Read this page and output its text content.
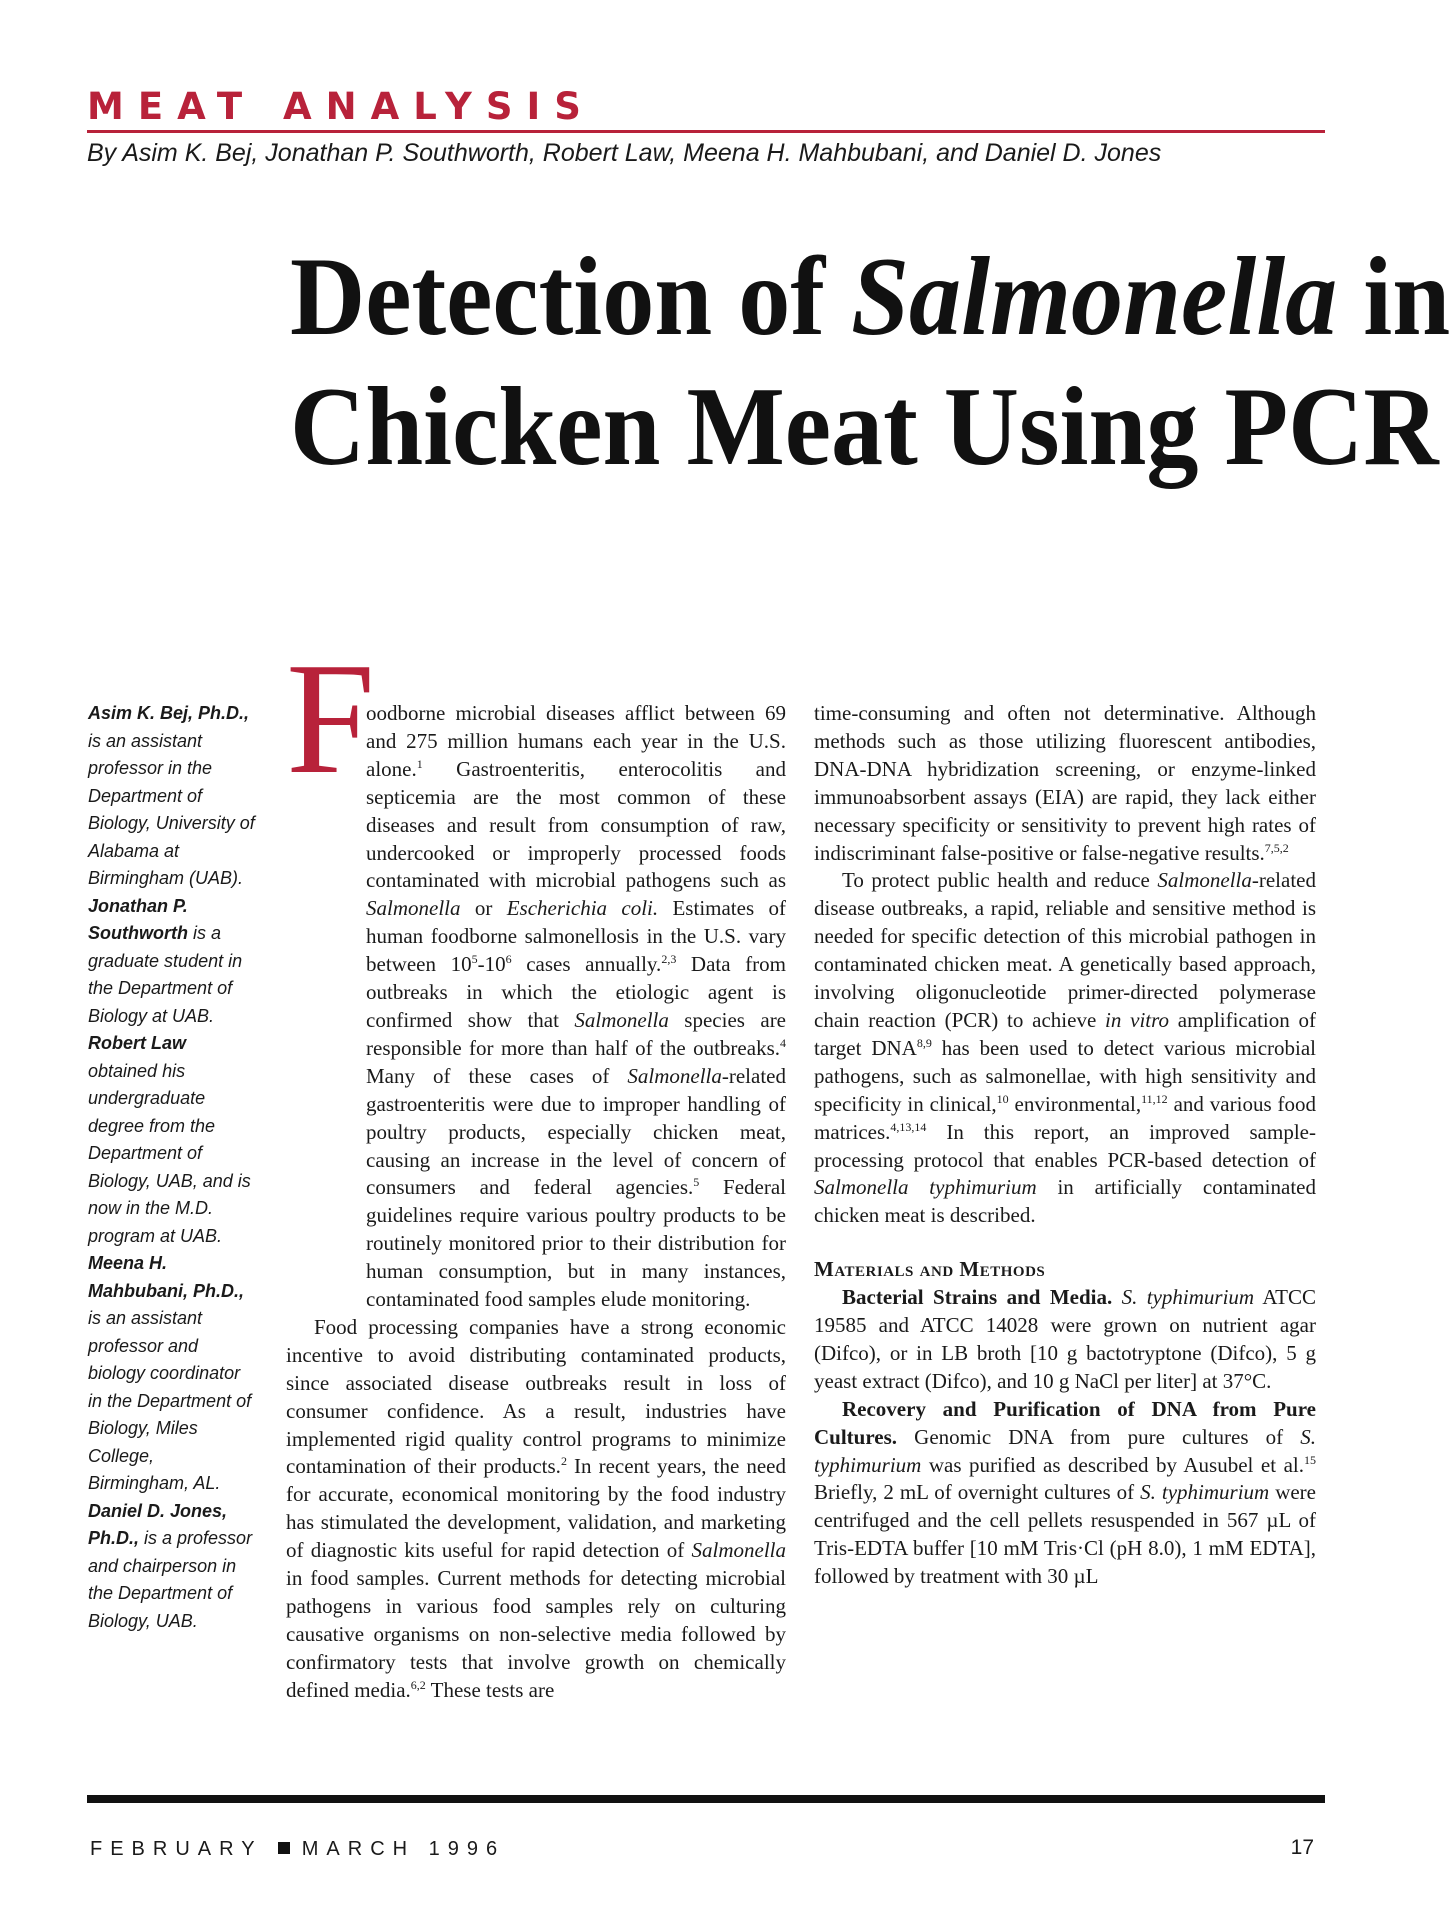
MEAT ANALYSIS

By Asim K. Bej, Jonathan P. Southworth, Robert Law, Meena H. Mahbubani, and Daniel D. Jones

Detection of Salmonella in
Chicken Meat Using PCR

Asim K. Bej, Ph.D., is an assistant professor in the Department of Biology, University of Alabama at Birmingham (UAB).

Jonathan P. Southworth is a graduate student in the Department of Biology at UAB.

Robert Law obtained his undergraduate degree from the Department of Biology, UAB, and is now in the M.D. program at UAB.

Meena H. Mahbubani, Ph.D., is an assistant professor and biology coordinator in the Department of Biology, Miles College, Birmingham, AL.

Daniel D. Jones, Ph.D., is a professor and chairperson in the Department of Biology, UAB.

F

oodborne microbial diseases afflict between 69 and 275 million humans each year in the U.S. alone.$^1$ Gastroenteritis, enterocolitis and septicemia are the most common of these diseases and result from consumption of raw, undercooked or improperly processed foods contaminated with microbial pathogens such as Salmonella or Escherichia coli. Estimates of human foodborne salmonellosis in the U.S. vary between $10^5-10^6$ cases annually.$^{2,3}$ Data from outbreaks in which the etiologic agent is confirmed show that Salmonella species are responsible for more than half of the outbreaks.$^4$ Many of these cases of Salmonella-related gastroenteritis were due to improper handling of poultry products, especially chicken meat, causing an increase in the level of concern of consumers and federal agencies.$^5$ Federal guidelines require various poultry products to be routinely monitored prior to their distribution for human consumption, but in many instances, contaminated food samples elude monitoring.

Food processing companies have a strong economic incentive to avoid distributing contaminated products, since associated disease outbreaks result in loss of consumer confidence. As a result, industries have implemented rigid quality control programs to minimize contamination of their products.$^2$ In recent years, the need for accurate, economical monitoring by the food industry has stimulated the development, validation, and marketing of diagnostic kits useful for rapid detection of Salmonella in food samples. Current methods for detecting microbial pathogens in various food samples rely on culturing causative organisms on non-selective media followed by confirmatory tests that involve growth on chemically defined media.$^{6,2}$ These tests are

time-consuming and often not determinative. Although methods such as those utilizing fluorescent antibodies, DNA-DNA hybridization screening, or enzyme-linked immunoabsorbent assays (EIA) are rapid, they lack either necessary specificity or sensitivity to prevent high rates of indiscriminant false-positive or false-negative results.$^{7,5,2}$

To protect public health and reduce Salmonella-related disease outbreaks, a rapid, reliable and sensitive method is needed for specific detection of this microbial pathogen in contaminated chicken meat. A genetically based approach, involving oligonucleotide primer-directed polymerase chain reaction (PCR) to achieve in vitro amplification of target DNA$^{8,9}$ has been used to detect various microbial pathogens, such as salmonellae, with high sensitivity and specificity in clinical,$^{10}$ environmental,$^{11,12}$ and various food matrices.$^{4,13,14}$ In this report, an improved sample-processing protocol that enables PCR-based detection of Salmonella typhimurium in artificially contaminated chicken meat is described.

Materials and Methods

Bacterial Strains and Media. S. typhimurium ATCC 19585 and ATCC 14028 were grown on nutrient agar (Difco), or in LB broth [10 g bactotryptone (Difco), 5 g yeast extract (Difco), and 10 g NaCl per liter] at 37°C.

Recovery and Purification of DNA from Pure Cultures. Genomic DNA from pure cultures of S. typhimurium was purified as described by Ausubel et al.$^{15}$ Briefly, 2 mL of overnight cultures of S. typhimurium were centrifuged and the cell pellets resuspended in 567 µL of Tris-EDTA buffer [10 mM Tris·Cl (pH 8.0), 1 mM EDTA], followed by treatment with 30 µL

FEBRUARY MARCH 1996	17
